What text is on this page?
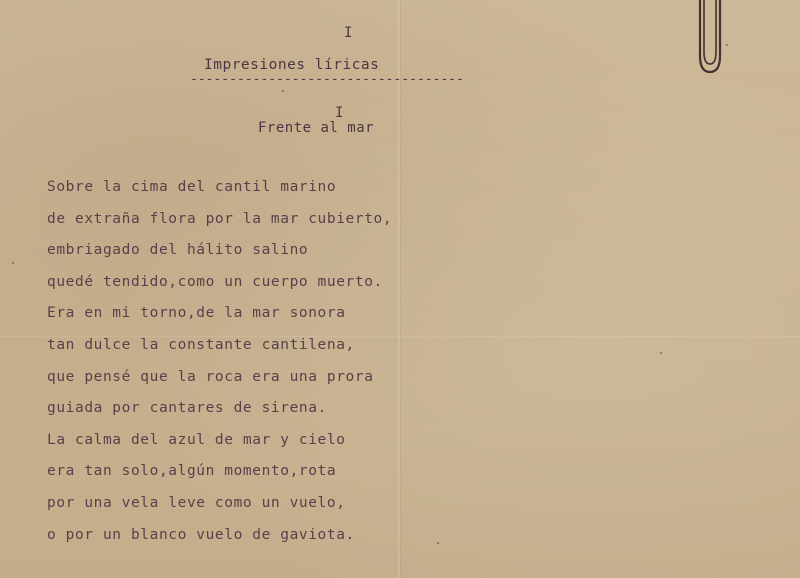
I
Impresiones líricas
-----------------------------------
I
Frente al mar
Sobre la cima del cantil marino
de extraña flora por la mar cubierto,
embriagado del hálito salino
quedé tendido,como un cuerpo muerto.
Era en mi torno,de la mar sonora
tan dulce la constante cantilena,
que pensé que la roca era una prora
guiada por cantares de sirena.
La calma del azul de mar y cielo
era tan solo,algún momento,rota
por una vela leve como un vuelo,
o por un blanco vuelo de gaviota.
